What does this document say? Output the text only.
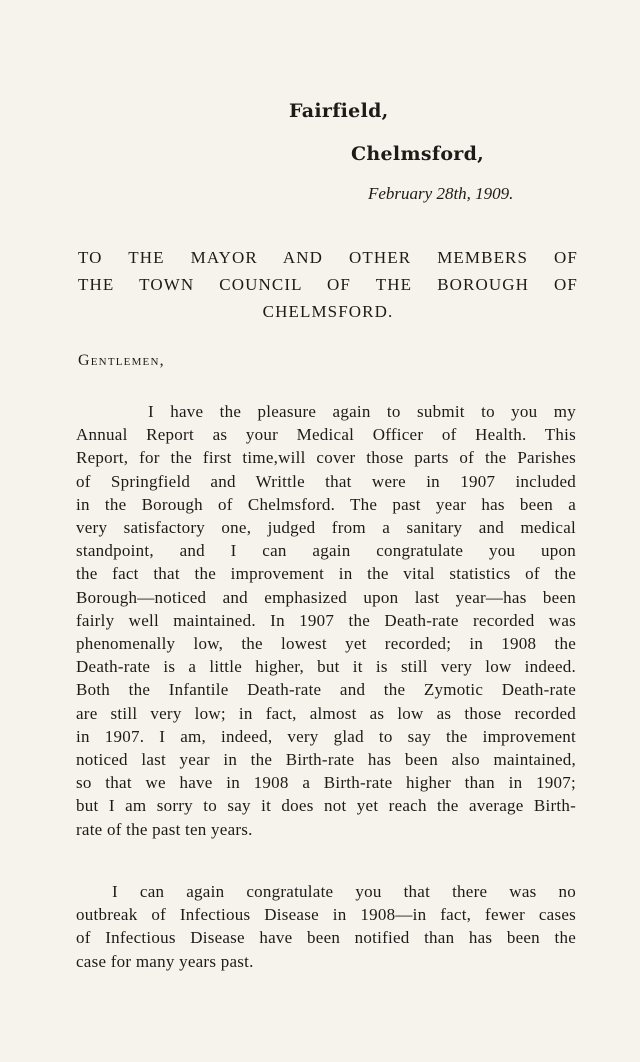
Fairfield,
Chelmsford,
February 28th, 1909.
TO THE MAYOR AND OTHER MEMBERS OF
THE TOWN COUNCIL OF THE BOROUGH OF
CHELMSFORD.
Gentlemen,
I have the pleasure again to submit to you my
Annual Report as your Medical Officer of Health. This
Report, for the first time,will cover those parts of the Parishes
of Springfield and Writtle that were in 1907 included
in the Borough of Chelmsford. The past year has been a
very satisfactory one, judged from a sanitary and medical
standpoint, and I can again congratulate you upon
the fact that the improvement in the vital statistics of the
Borough—noticed and emphasized upon last year—has been
fairly well maintained. In 1907 the Death-rate recorded was
phenomenally low, the lowest yet recorded; in 1908 the
Death-rate is a little higher, but it is still very low indeed.
Both the Infantile Death-rate and the Zymotic Death-rate
are still very low; in fact, almost as low as those recorded
in 1907. I am, indeed, very glad to say the improvement
noticed last year in the Birth-rate has been also maintained,
so that we have in 1908 a Birth-rate higher than in 1907;
but I am sorry to say it does not yet reach the average Birth-
rate of the past ten years.
I can again congratulate you that there was no
outbreak of Infectious Disease in 1908—in fact, fewer cases
of Infectious Disease have been notified than has been the
case for many years past.
